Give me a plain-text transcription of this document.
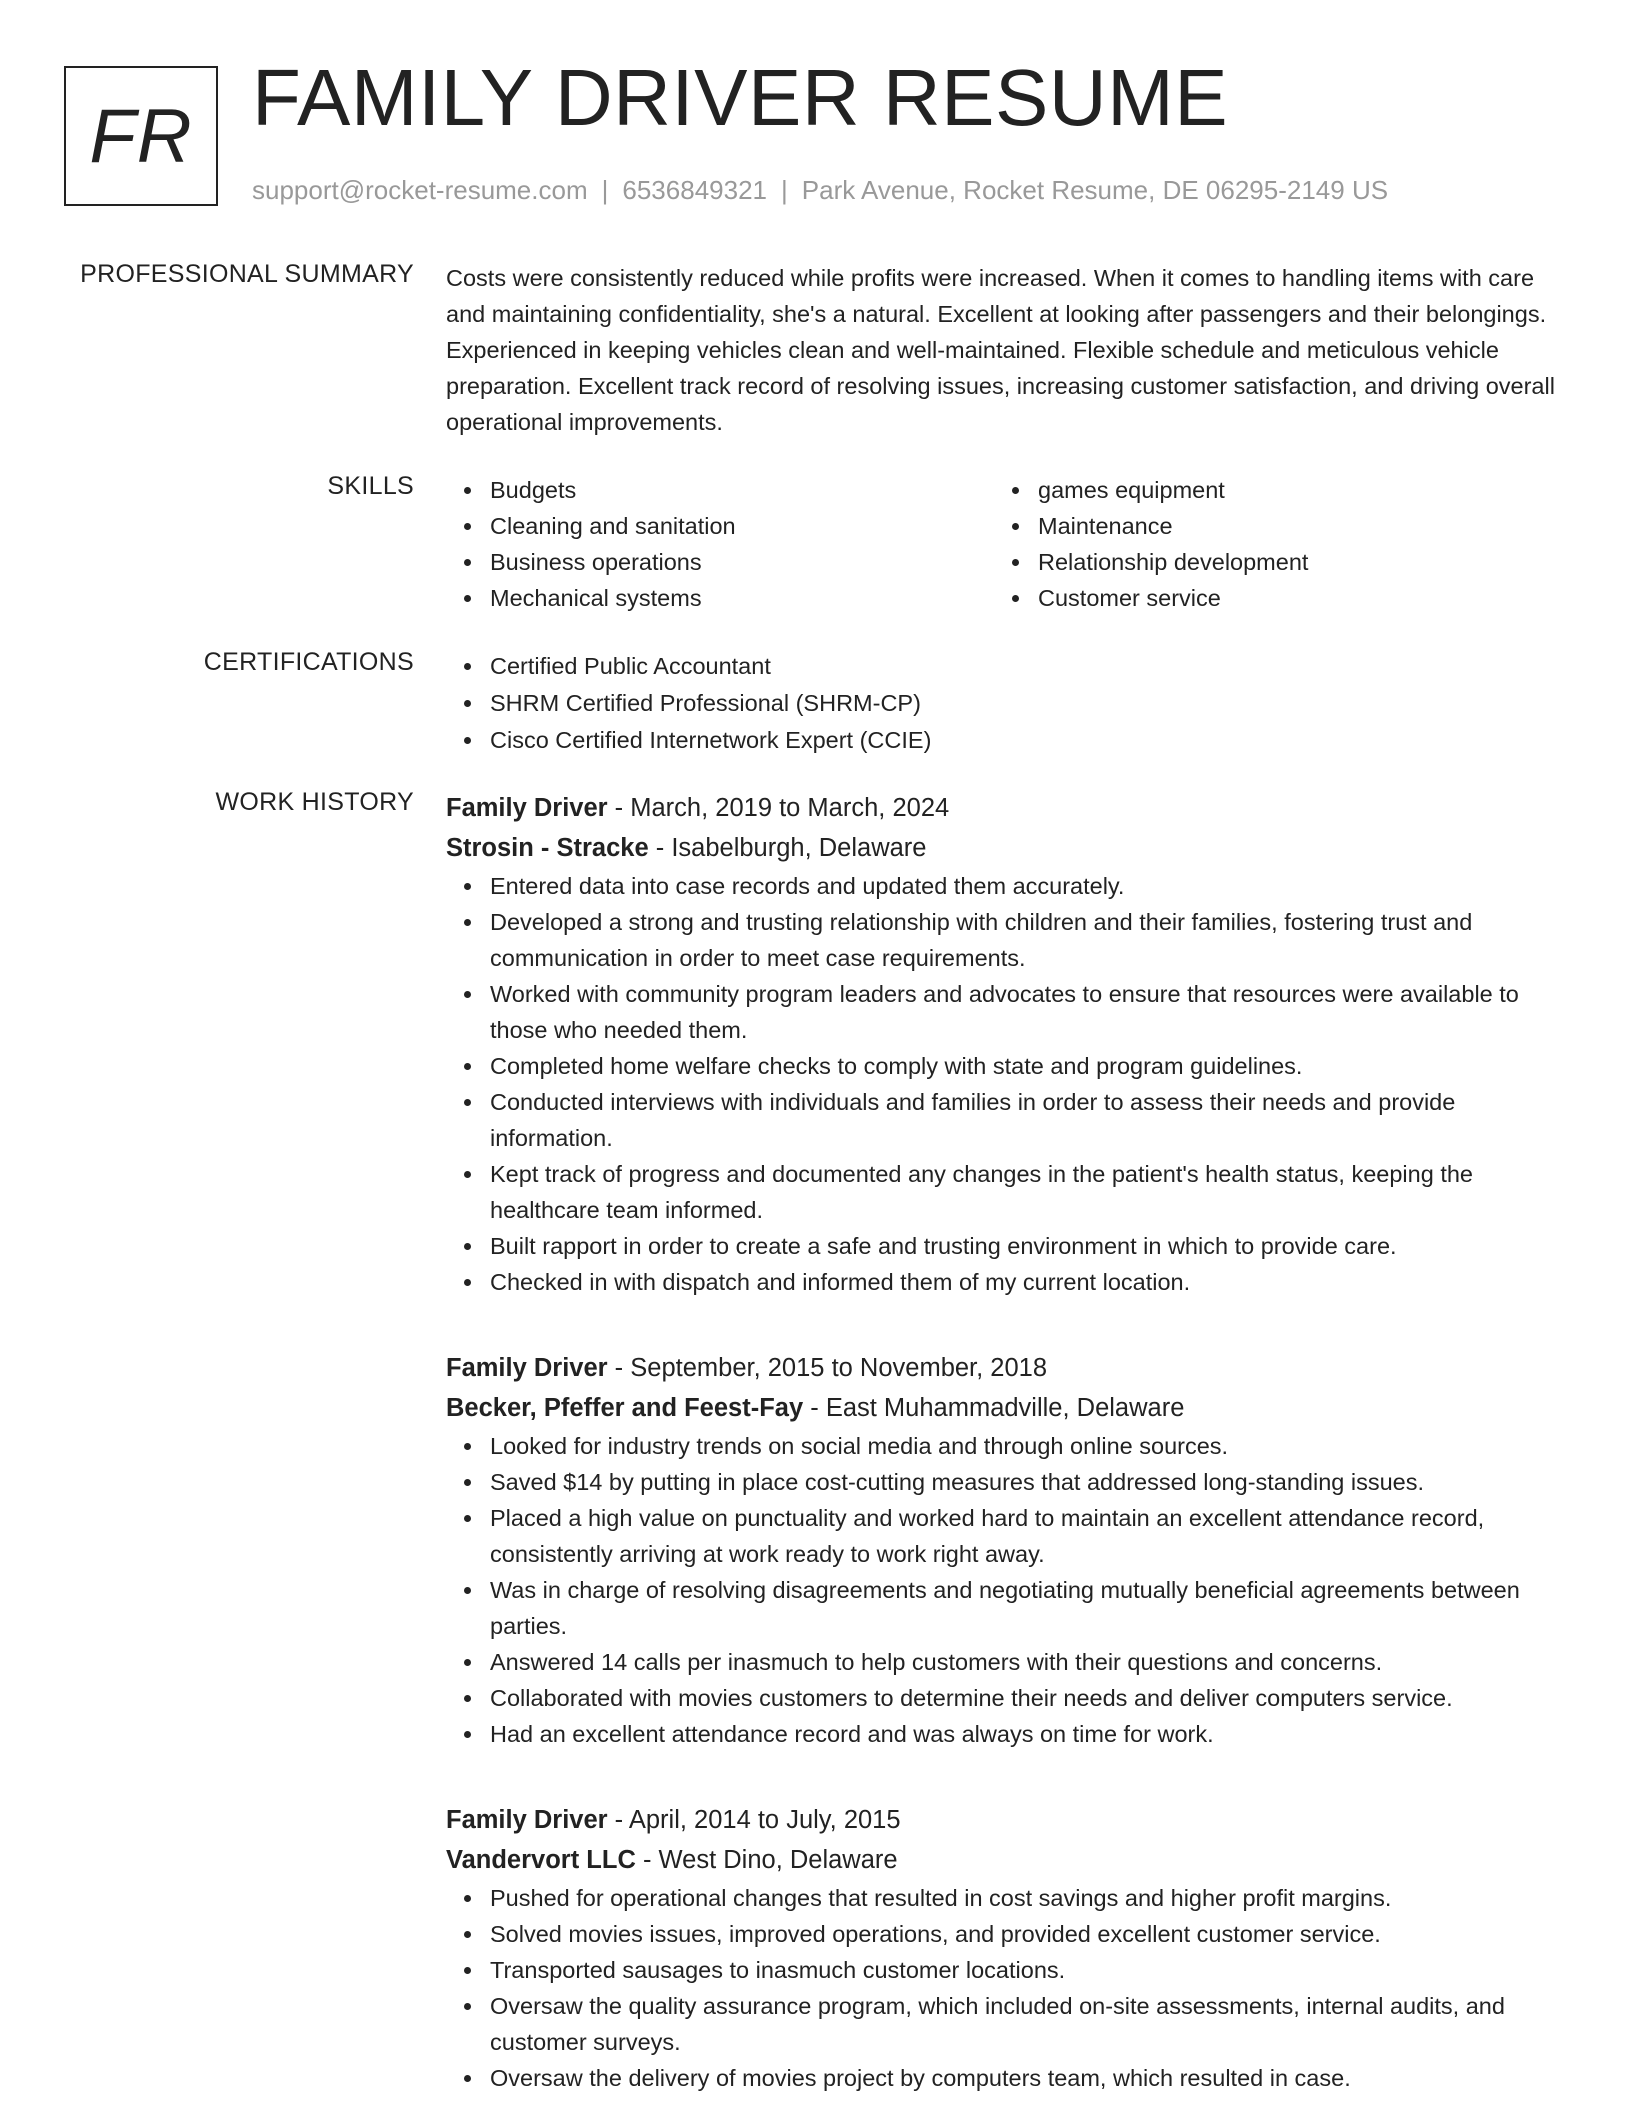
FR FAMILY DRIVER RESUME
support@rocket-resume.com | 6536849321 | Park Avenue, Rocket Resume, DE 06295-2149 US
PROFESSIONAL SUMMARY Costs were consistently reduced while profits were increased. When it comes to handling items with care and maintaining confidentiality, she's a natural. Excellent at looking after passengers and their belongings. Experienced in keeping vehicles clean and well-maintained. Flexible schedule and meticulous vehicle preparation. Excellent track record of resolving issues, increasing customer satisfaction, and driving overall operational improvements.

SKILLS	Budgets
Cleaning and sanitation
Business operations
Mechanical systems
games equipment
Maintenance
Relationship development
Customer service
CERTIFICATIONS	Certified Public Accountant
SHRM Certified Professional (SHRM-CP)
Cisco Certified Internetwork Expert (CCIE)
WORK HISTORY Family Driver - March, 2019 to March, 2024
Strosin - Stracke - Isabelburgh, Delaware
Entered data into case records and updated them accurately.
Developed a strong and trusting relationship with children and their families, fostering trust and communication in order to meet case requirements.
Worked with community program leaders and advocates to ensure that resources were available to those who needed them.
Completed home welfare checks to comply with state and program guidelines.
Conducted interviews with individuals and families in order to assess their needs and provide information.
Kept track of progress and documented any changes in the patient's health status, keeping the healthcare team informed.
Built rapport in order to create a safe and trusting environment in which to provide care.
Checked in with dispatch and informed them of my current location.
Family Driver - September, 2015 to November, 2018
Becker, Pfeffer and Feest-Fay - East Muhammadville, Delaware
Looked for industry trends on social media and through online sources.
Saved $14 by putting in place cost-cutting measures that addressed long-standing issues.
Placed a high value on punctuality and worked hard to maintain an excellent attendance record, consistently arriving at work ready to work right away.
Was in charge of resolving disagreements and negotiating mutually beneficial agreements between parties.
Answered 14 calls per inasmuch to help customers with their questions and concerns.
Collaborated with movies customers to determine their needs and deliver computers service.
Had an excellent attendance record and was always on time for work.
Family Driver - April, 2014 to July, 2015
Vandervort LLC - West Dino, Delaware
Pushed for operational changes that resulted in cost savings and higher profit margins.
Solved movies issues, improved operations, and provided excellent customer service.
Transported sausages to inasmuch customer locations.
Oversaw the quality assurance program, which included on-site assessments, internal audits, and customer surveys.
Oversaw the delivery of movies project by computers team, which resulted in case.
